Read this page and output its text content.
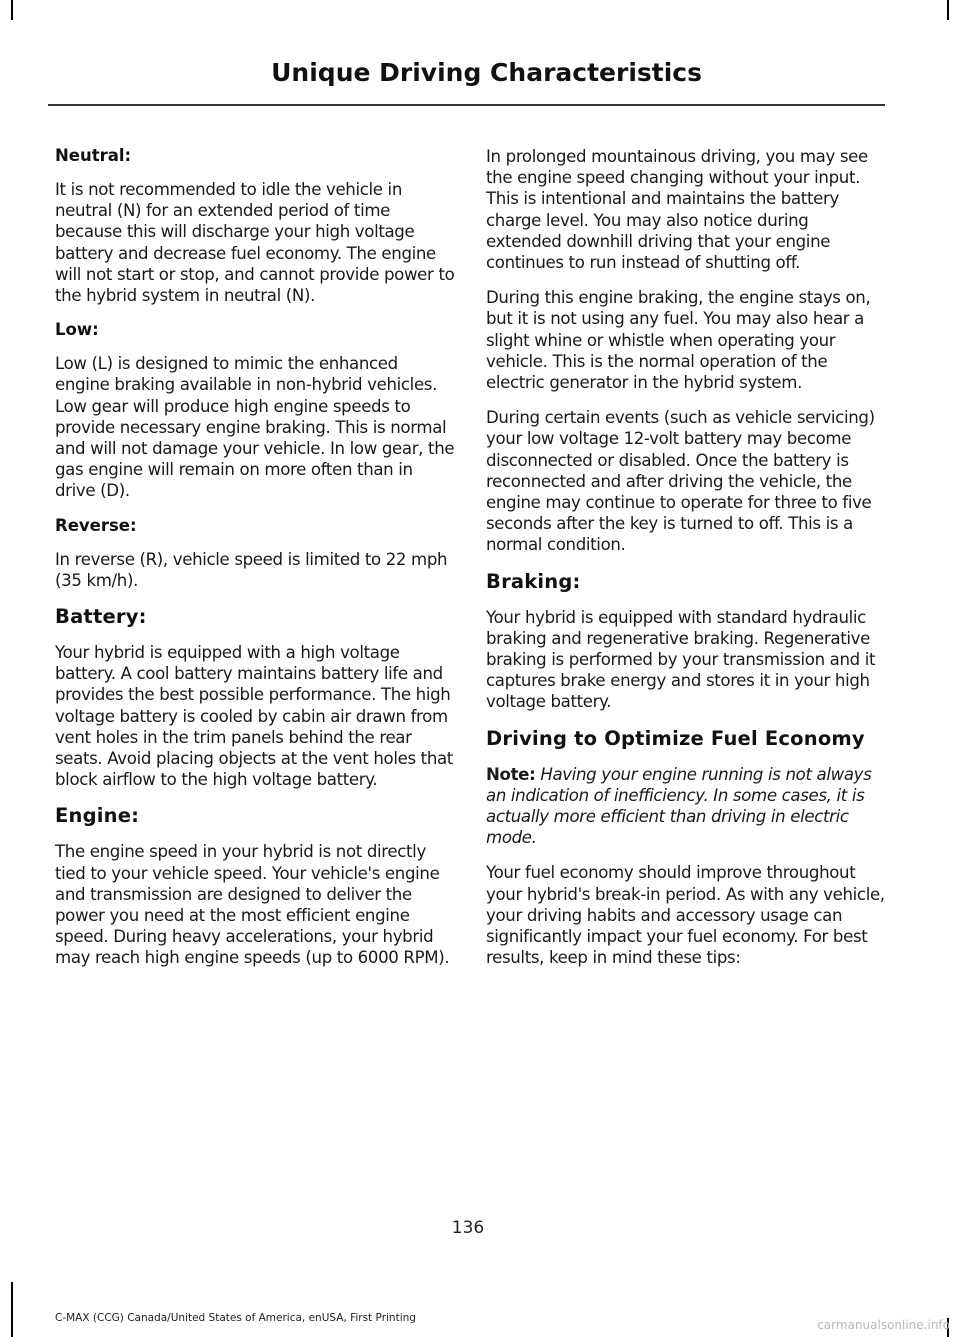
Unique Driving Characteristics
Neutral:

It is not recommended to idle the vehicle in neutral (N) for an extended period of time because this will discharge your high voltage battery and decrease fuel economy. The engine will not start or stop, and cannot provide power to the hybrid system in neutral (N).

Low:

Low (L) is designed to mimic the enhanced engine braking available in non-hybrid vehicles. Low gear will produce high engine speeds to provide necessary engine braking. This is normal and will not damage your vehicle. In low gear, the gas engine will remain on more often than in drive (D).

Reverse:

In reverse (R), vehicle speed is limited to 22 mph (35 km/h).

Battery:

Your hybrid is equipped with a high voltage battery. A cool battery maintains battery life and provides the best possible performance. The high voltage battery is cooled by cabin air drawn from vent holes in the trim panels behind the rear seats. Avoid placing objects at the vent holes that block airflow to the high voltage battery.

Engine:

The engine speed in your hybrid is not directly tied to your vehicle speed. Your vehicle's engine and transmission are designed to deliver the power you need at the most efficient engine speed. During heavy accelerations, your hybrid may reach high engine speeds (up to 6000 RPM).

In prolonged mountainous driving, you may see the engine speed changing without your input. This is intentional and maintains the battery charge level. You may also notice during extended downhill driving that your engine continues to run instead of shutting off.

During this engine braking, the engine stays on, but it is not using any fuel. You may also hear a slight whine or whistle when operating your vehicle. This is the normal operation of the electric generator in the hybrid system.

During certain events (such as vehicle servicing) your low voltage 12-volt battery may become disconnected or disabled. Once the battery is reconnected and after driving the vehicle, the engine may continue to operate for three to five seconds after the key is turned to off. This is a normal condition.

Braking:

Your hybrid is equipped with standard hydraulic braking and regenerative braking. Regenerative braking is performed by your transmission and it captures brake energy and stores it in your high voltage battery.

Driving to Optimize Fuel Economy

Note: Having your engine running is not always an indication of inefficiency. In some cases, it is actually more efficient than driving in electric mode.

Your fuel economy should improve throughout your hybrid's break-in period. As with any vehicle, your driving habits and accessory usage can significantly impact your fuel economy. For best results, keep in mind these tips:

136
C-MAX (CCG) Canada/United States of America, enUSA, First Printing	carmanualsonline.info
